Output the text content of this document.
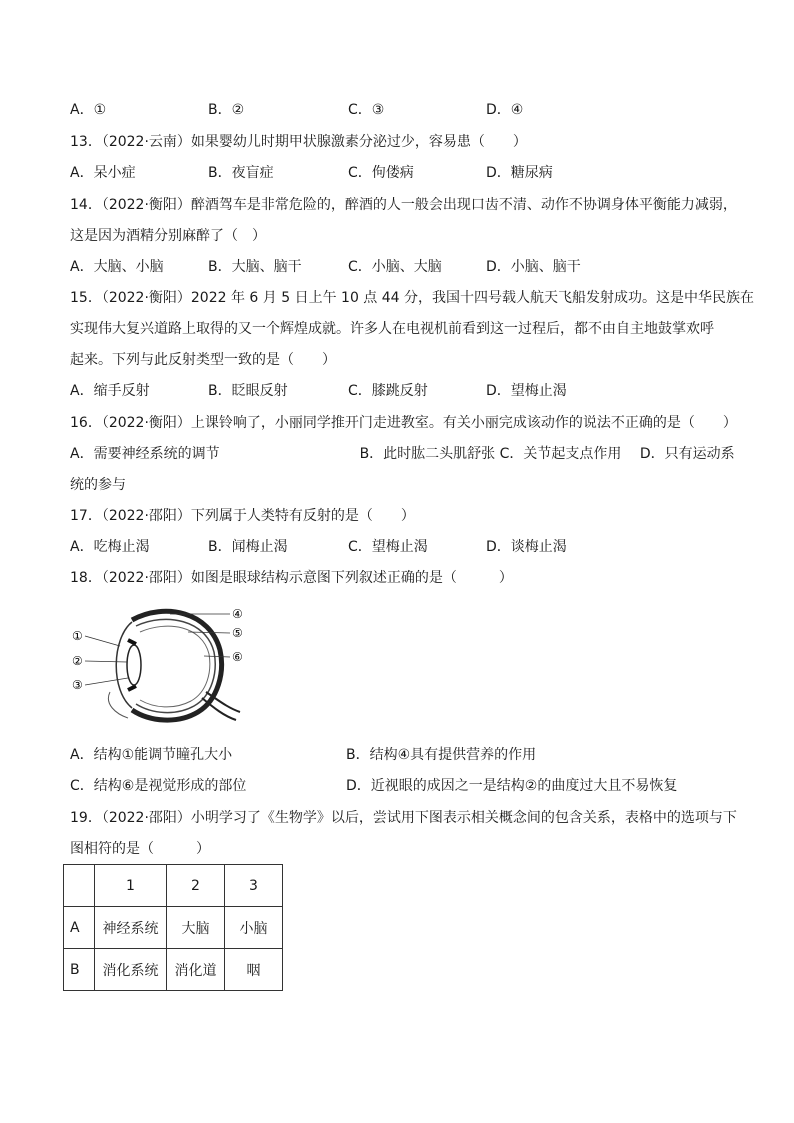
A．①	B．②	C．③	D．④
13．（2022·云南）如果婴幼儿时期甲状腺激素分泌过少，容易患（　　）
A．呆小症	B．夜盲症	C．佝偻病	D．糖尿病
14．（2022·衡阳）醉酒驾车是非常危险的，醉酒的人一般会出现口齿不清、动作不协调身体平衡能力减弱，
这是因为酒精分别麻醉了（　）
A．大脑、小脑	B．大脑、脑干	C．小脑、大脑	D．小脑、脑干
15．（2022·衡阳）2022 年 6 月 5 日上午 10 点 44 分，我国十四号载人航天飞船发射成功。这是中华民族在
实现伟大复兴道路上取得的又一个辉煌成就。许多人在电视机前看到这一过程后，都不由自主地鼓掌欢呼
起来。下列与此反射类型一致的是（　　）
A．缩手反射	B．眨眼反射	C．膝跳反射	D．望梅止渴
16．（2022·衡阳）上课铃响了，小丽同学推开门走进教室。有关小丽完成该动作的说法不正确的是（　　）
A．需要神经系统的调节　　　　　　　　　　B．此时肱二头肌舒张 C．关节起支点作用　 D．只有运动系
统的参与
17．（2022·邵阳）下列属于人类特有反射的是（　　）
A．吃梅止渴	B．闻梅止渴	C．望梅止渴	D．谈梅止渴
18．（2022·邵阳）如图是眼球结构示意图下列叙述正确的是（　　　）
①
②
③
④
⑤
⑥
A．结构①能调节瞳孔大小	B．结构④具有提供营养的作用
C．结构⑥是视觉形成的部位	D．近视眼的成因之一是结构②的曲度过大且不易恢复
19．（2022·邵阳）小明学习了《生物学》以后，尝试用下图表示相关概念间的包含关系，表格中的选项与下
图相符的是（　　　）
	1	2	3
A	神经系统	大脑	小脑
B	消化系统	消化道	咽
